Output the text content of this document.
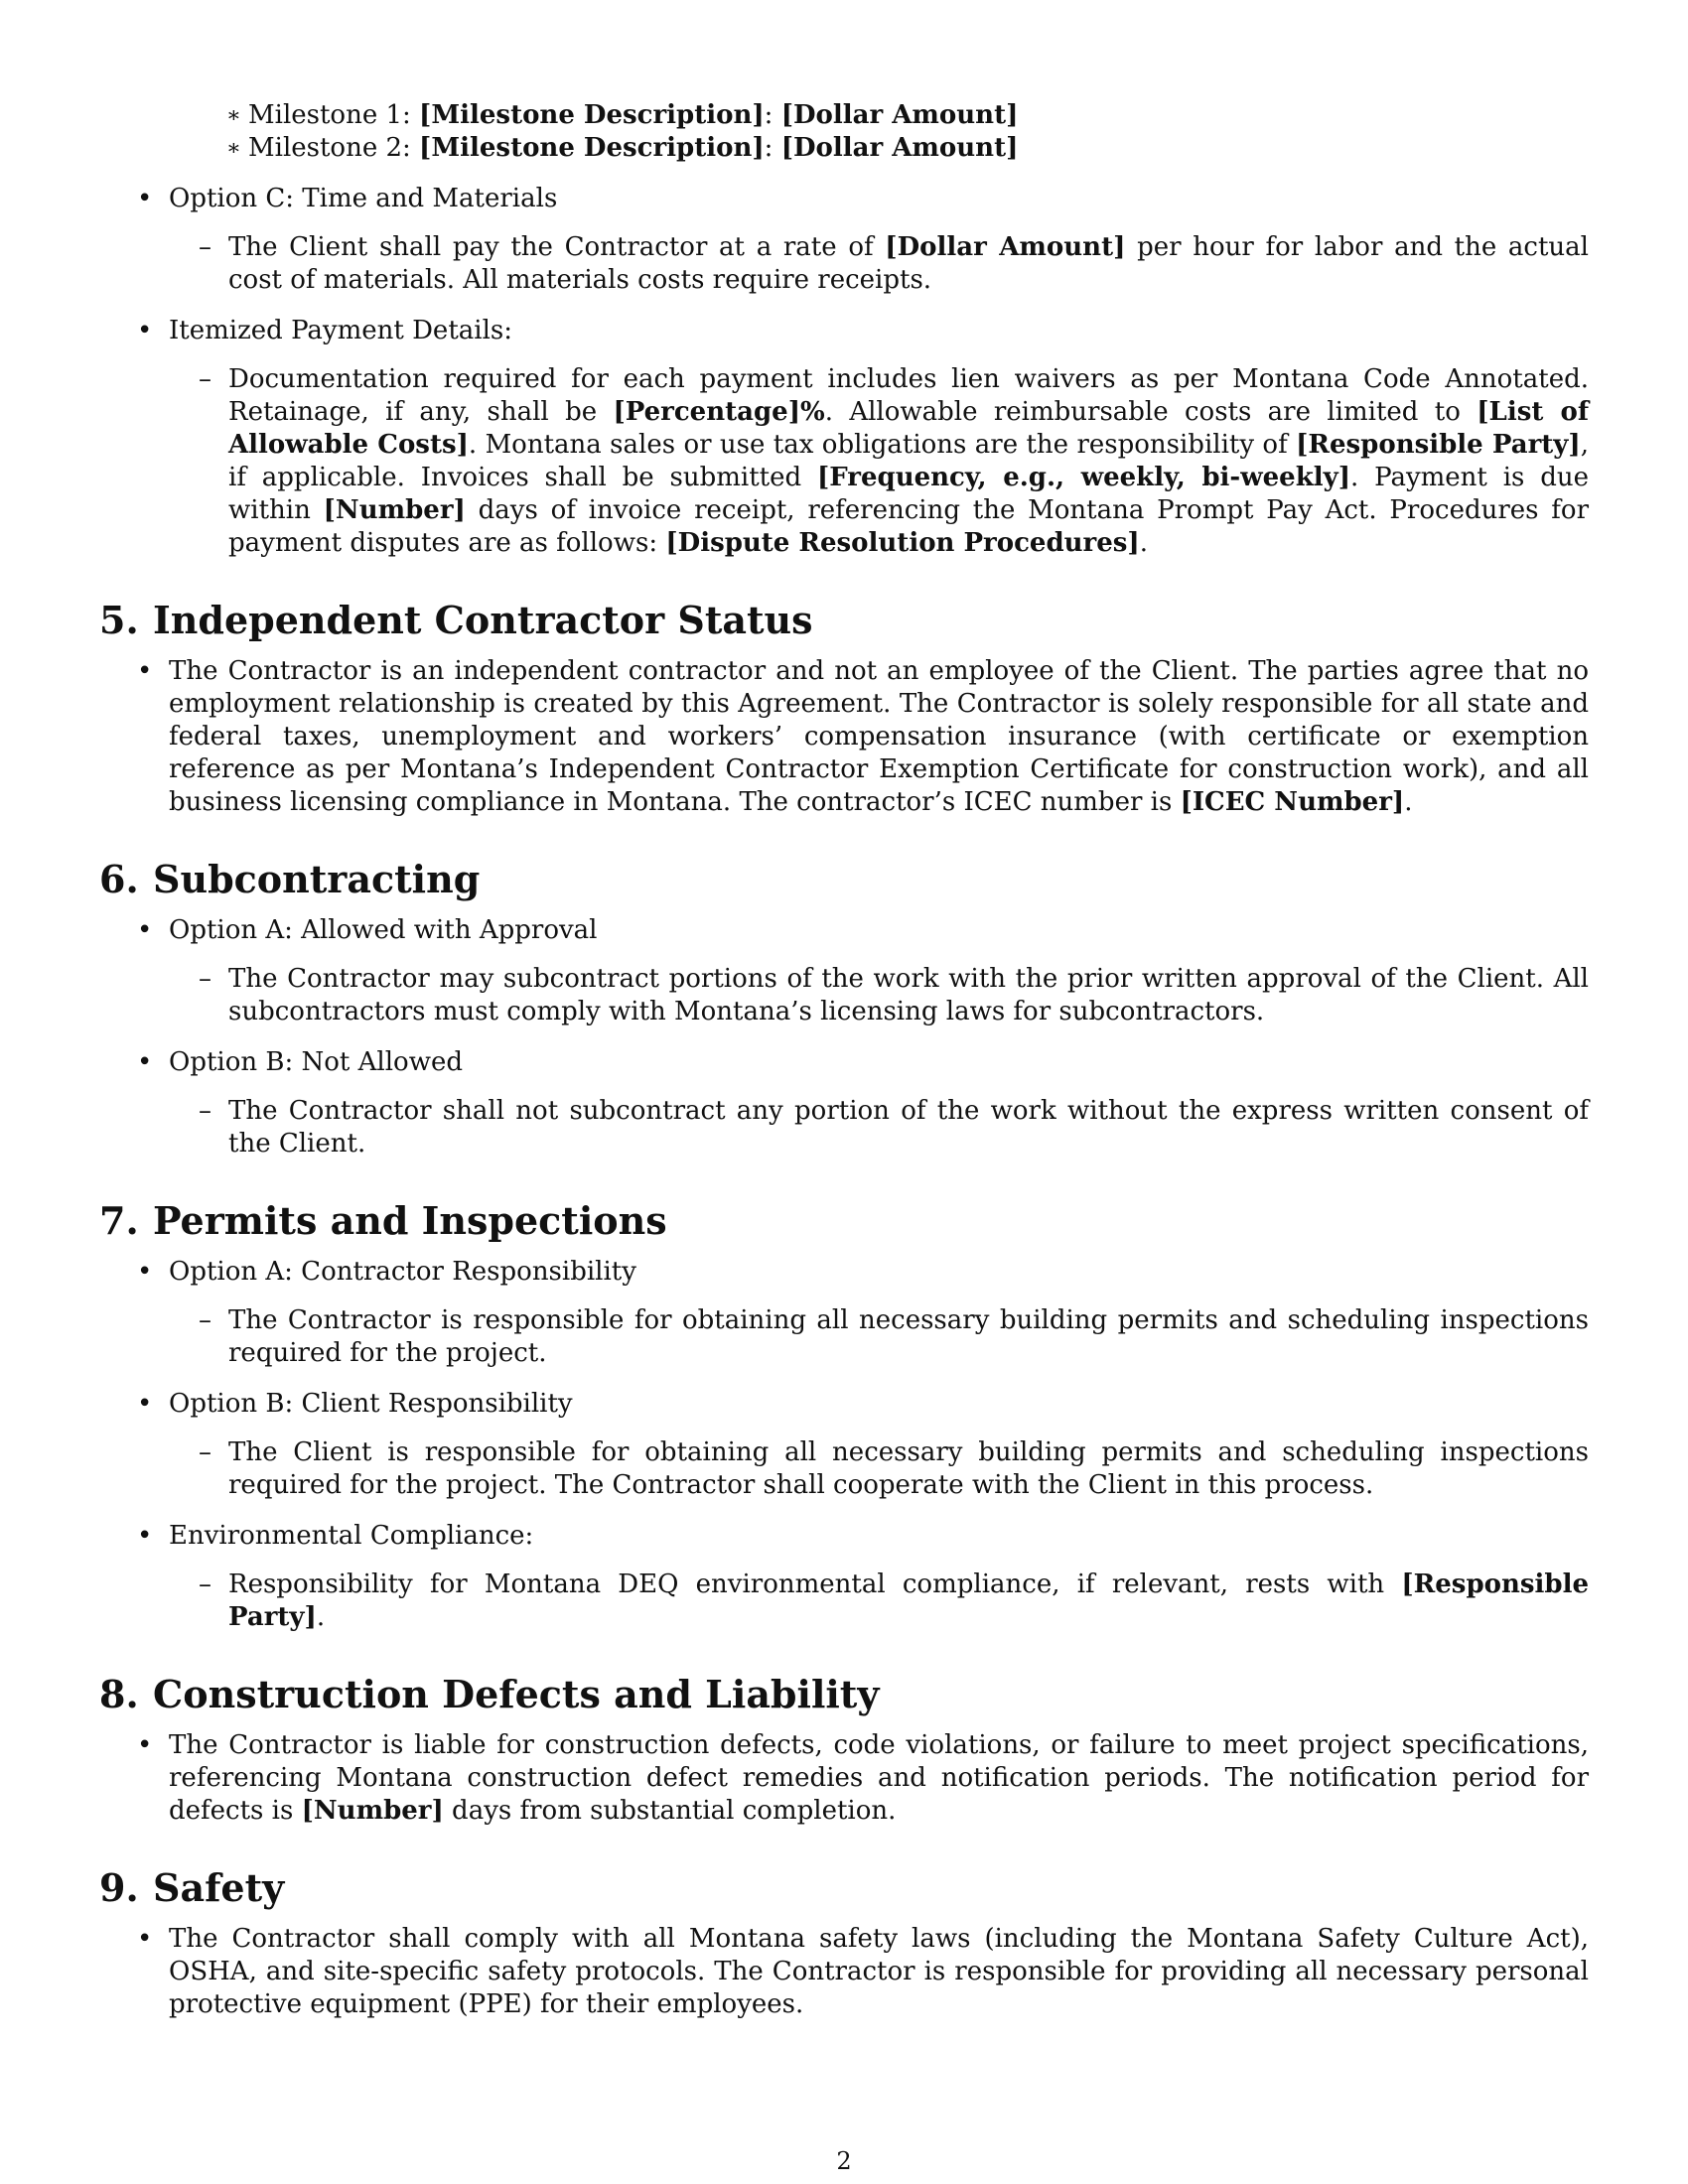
∗ Milestone 1: [Milestone Description]: [Dollar Amount]
∗ Milestone 2: [Milestone Description]: [Dollar Amount]
• Option C: Time and Materials
– The Client shall pay the Contractor at a rate of [Dollar Amount] per hour for labor and the actual cost of materials. All materials costs require receipts.
• Itemized Payment Details:
– Documentation required for each payment includes lien waivers as per Montana Code Annotated. Retainage, if any, shall be [Percentage]%. Allowable reimbursable costs are limited to [List of Allowable Costs]. Montana sales or use tax obligations are the responsibility of [Responsible Party], if applicable. Invoices shall be submitted [Frequency, e.g., weekly, bi-weekly]. Payment is due within [Number] days of invoice receipt, referencing the Montana Prompt Pay Act. Procedures for payment disputes are as follows: [Dispute Resolution Procedures].
5. Independent Contractor Status
• The Contractor is an independent contractor and not an employee of the Client. The parties agree that no employment relationship is created by this Agreement. The Contractor is solely responsible for all state and federal taxes, unemployment and workers’ compensation insurance (with certificate or exemption reference as per Montana’s Independent Contractor Exemption Certificate for construction work), and all business licensing compliance in Montana. The contractor’s ICEC number is [ICEC Number].
6. Subcontracting
• Option A: Allowed with Approval
– The Contractor may subcontract portions of the work with the prior written approval of the Client. All subcontractors must comply with Montana’s licensing laws for subcontractors.
• Option B: Not Allowed
– The Contractor shall not subcontract any portion of the work without the express written consent of the Client.
7. Permits and Inspections
• Option A: Contractor Responsibility
– The Contractor is responsible for obtaining all necessary building permits and scheduling inspections required for the project.
• Option B: Client Responsibility
– The Client is responsible for obtaining all necessary building permits and scheduling inspections required for the project. The Contractor shall cooperate with the Client in this process.
• Environmental Compliance:
– Responsibility for Montana DEQ environmental compliance, if relevant, rests with [Responsible Party].
8. Construction Defects and Liability
• The Contractor is liable for construction defects, code violations, or failure to meet project specifications, referencing Montana construction defect remedies and notification periods. The notification period for defects is [Number] days from substantial completion.
9. Safety
• The Contractor shall comply with all Montana safety laws (including the Montana Safety Culture Act), OSHA, and site-specific safety protocols. The Contractor is responsible for providing all necessary personal protective equipment (PPE) for their employees.
2
